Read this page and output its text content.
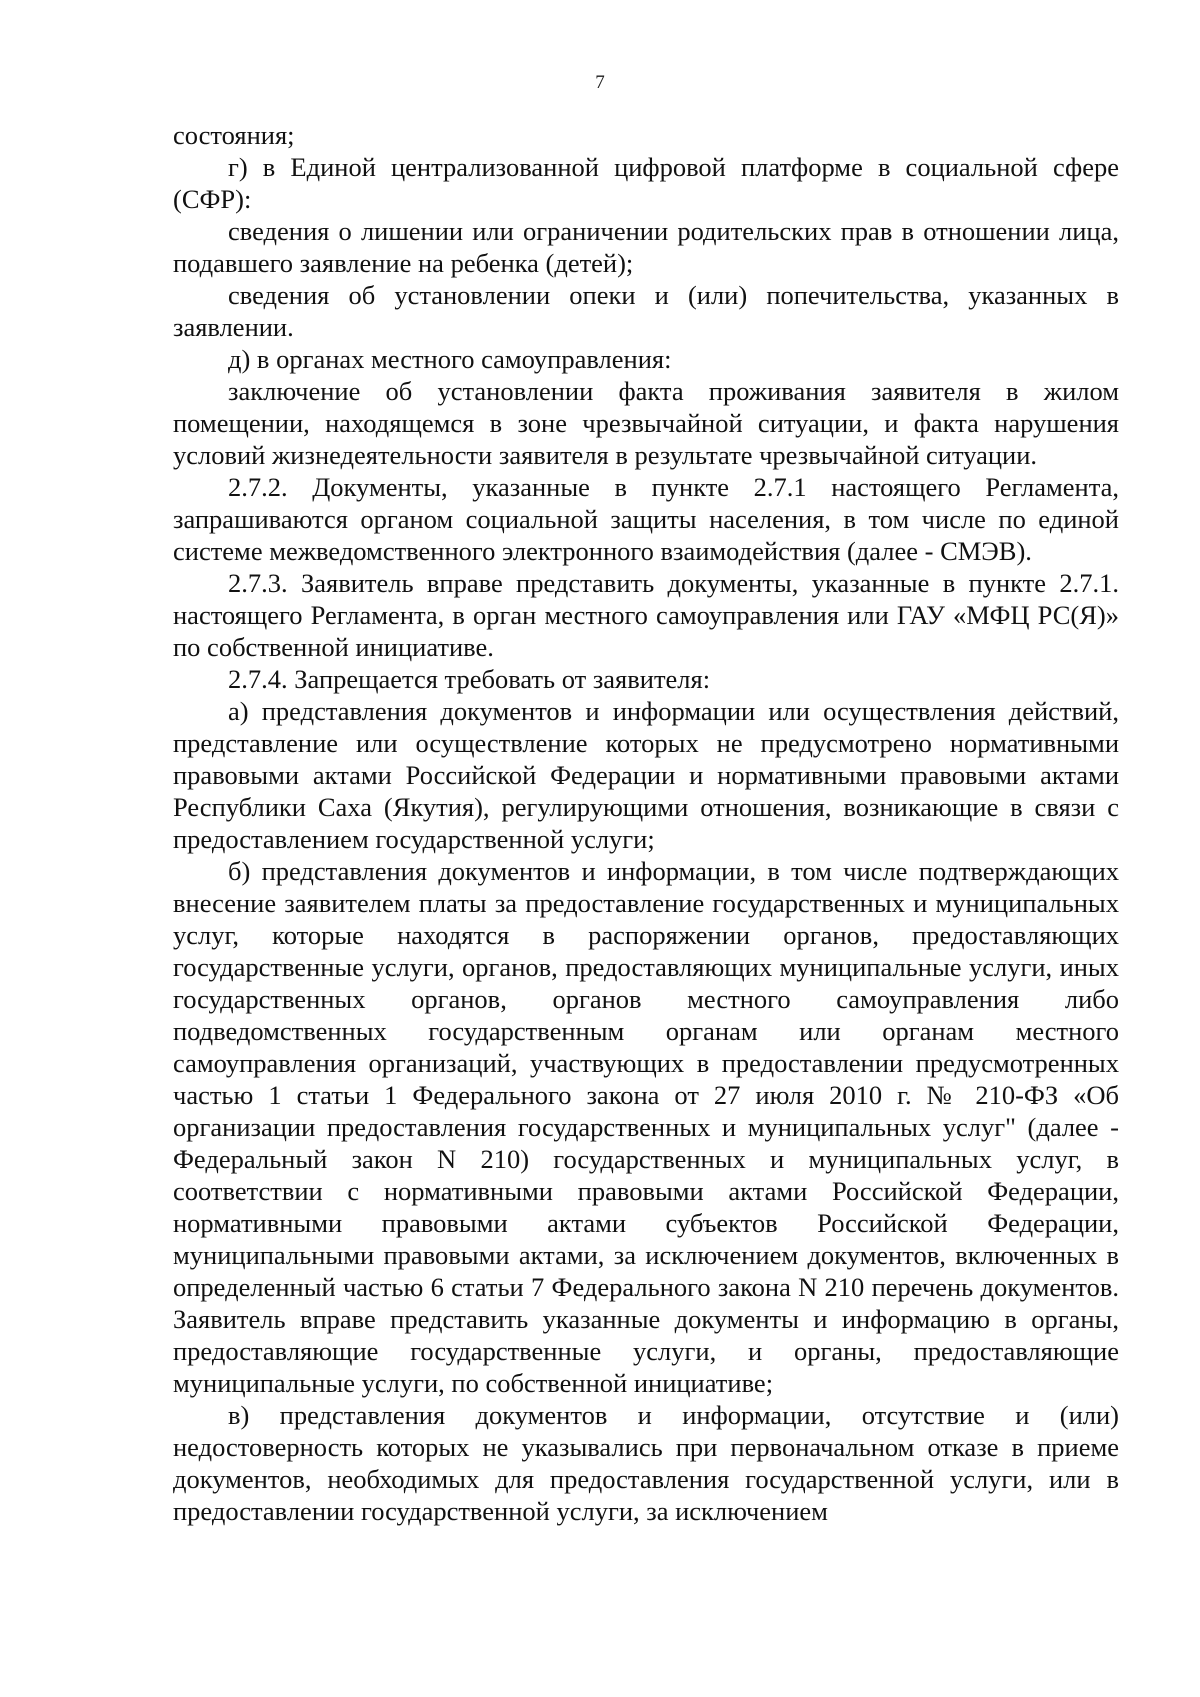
7

состояния;

г) в Единой централизованной цифровой платформе в социальной сфере (СФР):

сведения о лишении или ограничении родительских прав в отношении лица, подавшего заявление на ребенка (детей);

сведения об установлении опеки и (или) попечительства, указанных в заявлении.

д) в органах местного самоуправления:

заключение об установлении факта проживания заявителя в жилом помещении, находящемся в зоне чрезвычайной ситуации, и факта нарушения условий жизнедеятельности заявителя в результате чрезвычайной ситуации.

2.7.2. Документы, указанные в пункте 2.7.1 настоящего Регламента, запрашиваются органом социальной защиты населения, в том числе по единой системе межведомственного электронного взаимодействия (далее - СМЭВ).

2.7.3. Заявитель вправе представить документы, указанные в пункте 2.7.1. настоящего Регламента, в орган местного самоуправления или ГАУ «МФЦ РС(Я)» по собственной инициативе.

2.7.4. Запрещается требовать от заявителя:

а) представления документов и информации или осуществления действий, представление или осуществление которых не предусмотрено нормативными правовыми актами Российской Федерации и нормативными правовыми актами Республики Саха (Якутия), регулирующими отношения, возникающие в связи с предоставлением государственной услуги;

б) представления документов и информации, в том числе подтверждающих внесение заявителем платы за предоставление государственных и муниципальных услуг, которые находятся в распоряжении органов, предоставляющих государственные услуги, органов, предоставляющих муниципальные услуги, иных государственных органов, органов местного самоуправления либо подведомственных государственным органам или органам местного самоуправления организаций, участвующих в предоставлении предусмотренных частью 1 статьи 1 Федерального закона от 27 июля 2010 г. № 210-ФЗ «Об организации предоставления государственных и муниципальных услуг" (далее - Федеральный закон N 210) государственных и муниципальных услуг, в соответствии с нормативными правовыми актами Российской Федерации, нормативными правовыми актами субъектов Российской Федерации, муниципальными правовыми актами, за исключением документов, включенных в определенный частью 6 статьи 7 Федерального закона N 210 перечень документов. Заявитель вправе представить указанные документы и информацию в органы, предоставляющие государственные услуги, и органы, предоставляющие муниципальные услуги, по собственной инициативе;

в) представления документов и информации, отсутствие и (или) недостоверность которых не указывались при первоначальном отказе в приеме документов, необходимых для предоставления государственной услуги, или в предоставлении государственной услуги, за исключением
